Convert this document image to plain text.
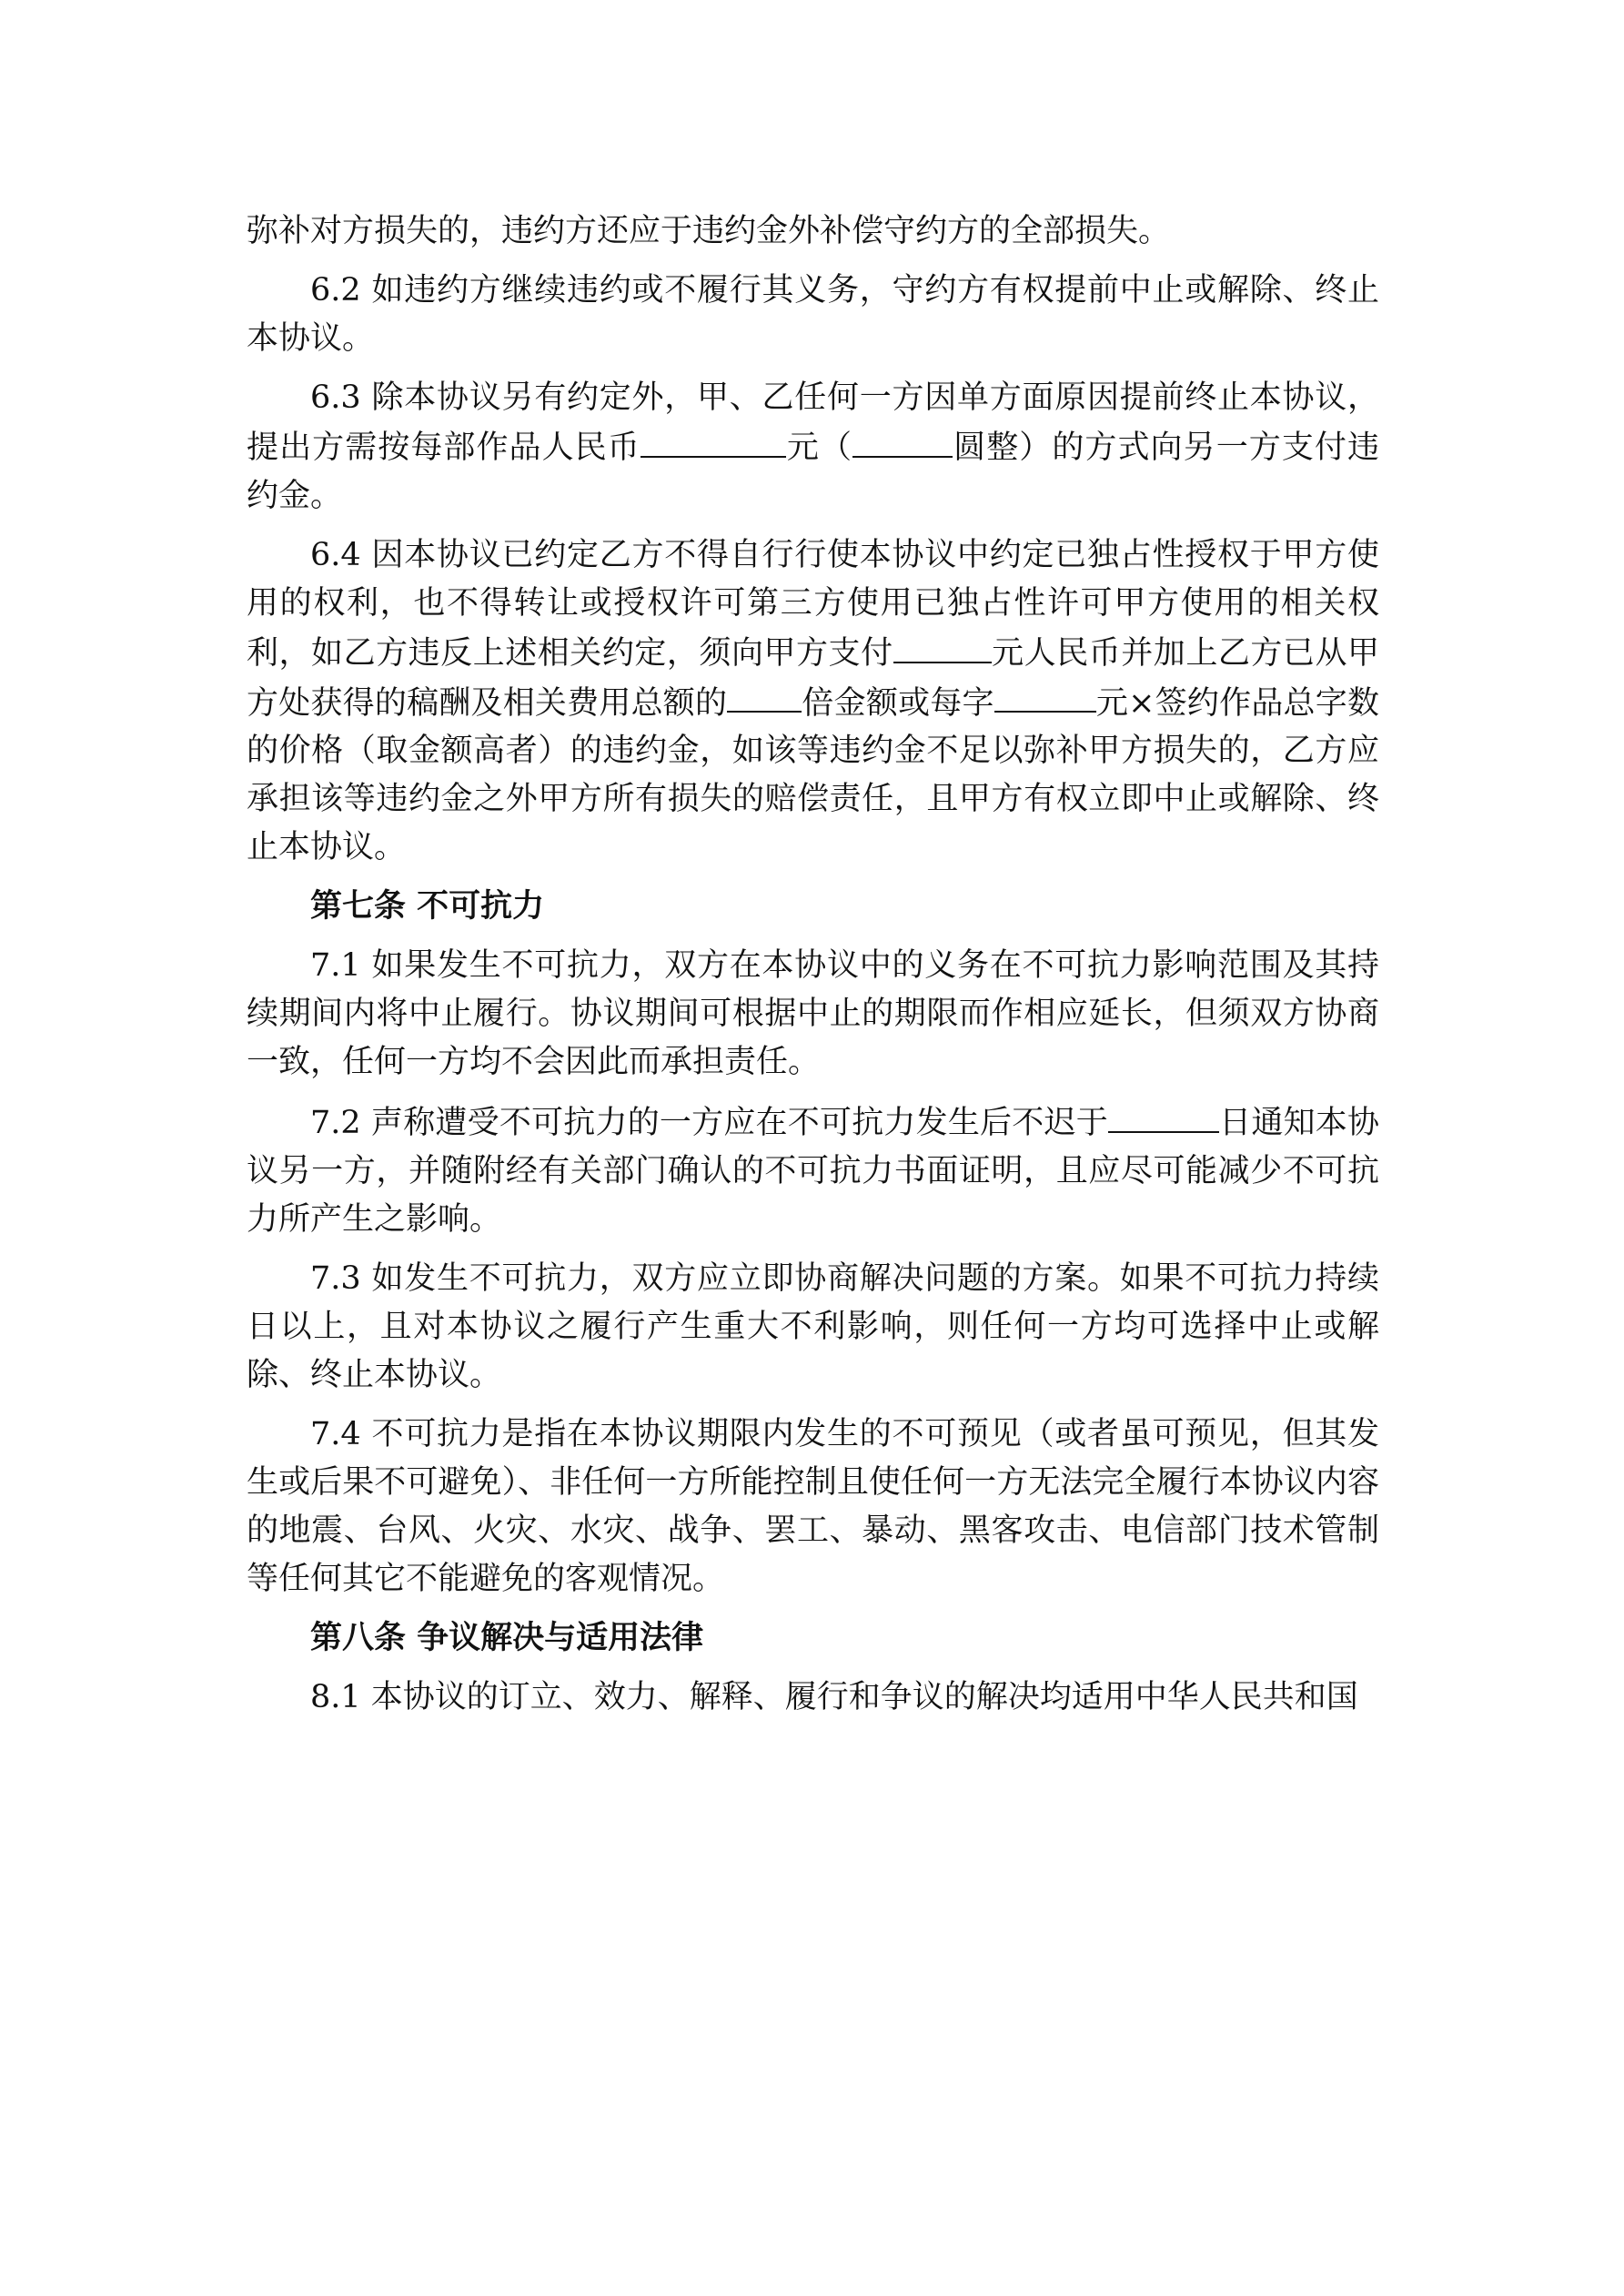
弥补对方损失的，违约方还应于违约金外补偿守约方的全部损失。

6.2 如违约方继续违约或不履行其义务，守约方有权提前中止或解除、终止本协议。

6.3 除本协议另有约定外，甲、乙任何一方因单方面原因提前终止本协议，提出方需按每部作品人民币	元（	圆整）的方式向另一方支付违约金。

6.4 因本协议已约定乙方不得自行行使本协议中约定已独占性授权于甲方使用的权利，也不得转让或授权许可第三方使用已独占性许可甲方使用的相关权利，如乙方违反上述相关约定，须向甲方支付	元人民币并加上乙方已从甲方处获得的稿酬及相关费用总额的 倍金额或每字	元×签约作品总字数的价格（取金额高者）的违约金，如该等违约金不足以弥补甲方损失的，乙方应承担该等违约金之外甲方所有损失的赔偿责任，且甲方有权立即中止或解除、终止本协议。

第七条 不可抗力

7.1 如果发生不可抗力，双方在本协议中的义务在不可抗力影响范围及其持续期间内将中止履行。协议期间可根据中止的期限而作相应延长，但须双方协商一致，任何一方均不会因此而承担责任。

7.2 声称遭受不可抗力的一方应在不可抗力发生后不迟于	日通知本协议另一方，并随附经有关部门确认的不可抗力书面证明，且应尽可能减少不可抗力所产生之影响。

7.3 如发生不可抗力，双方应立即协商解决问题的方案。如果不可抗力持续日以上，且对本协议之履行产生重大不利影响，则任何一方均可选择中止或解除、终止本协议。

7.4 不可抗力是指在本协议期限内发生的不可预见（或者虽可预见，但其发生或后果不可避免）、非任何一方所能控制且使任何一方无法完全履行本协议内容的地震、台风、火灾、水灾、战争、罢工、暴动、黑客攻击、电信部门技术管制等任何其它不能避免的客观情况。

第八条 争议解决与适用法律

8.1 本协议的订立、效力、解释、履行和争议的解决均适用中华人民共和国
